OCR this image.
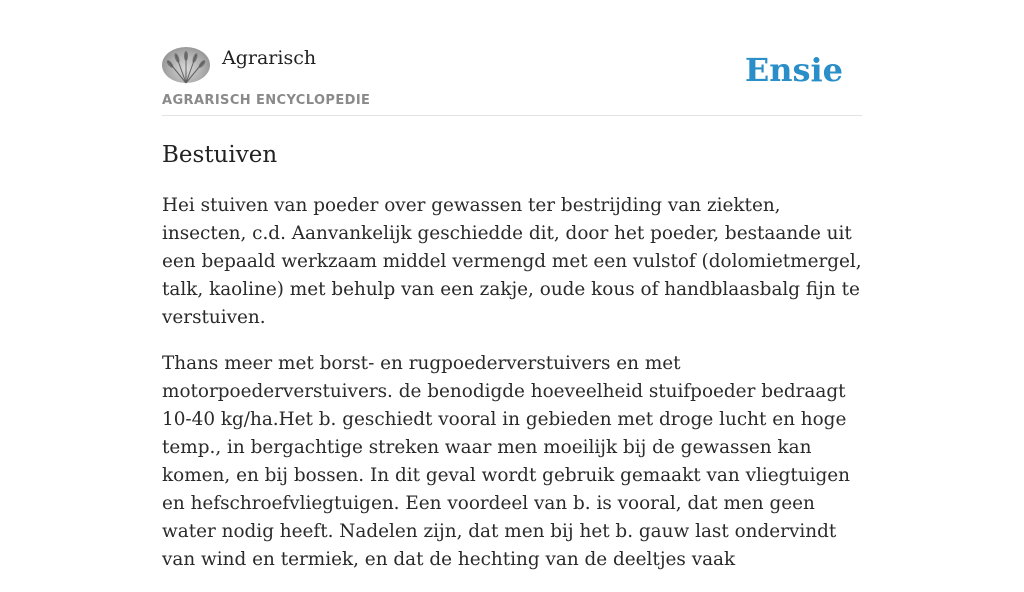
Agrarisch
AGRARISCH ENCYCLOPEDIE
Ensie
Bestuiven

Hei stuiven van poeder over gewassen ter bestrijding van ziekten, insecten, c.d. Aanvankelijk geschiedde dit, door het poeder, bestaande uit een bepaald werkzaam middel vermengd met een vulstof (dolomietmergel, talk, kaoline) met behulp van een zakje, oude kous of handblaasbalg fijn te verstuiven.

Thans meer met borst- en rugpoederverstuivers en met motorpoederverstuivers. de benodigde hoeveelheid stuifpoeder bedraagt 10-40 kg/ha.Het b. geschiedt vooral in gebieden met droge lucht en hoge temp., in bergachtige streken waar men moeilijk bij de gewassen kan komen, en bij bossen. In dit geval wordt gebruik gemaakt van vliegtuigen en hefschroefvliegtuigen. Een voordeel van b. is vooral, dat men geen water nodig heeft. Nadelen zijn, dat men bij het b. gauw last ondervindt van wind en termiek, en dat de hechting van de deeltjes vaak
